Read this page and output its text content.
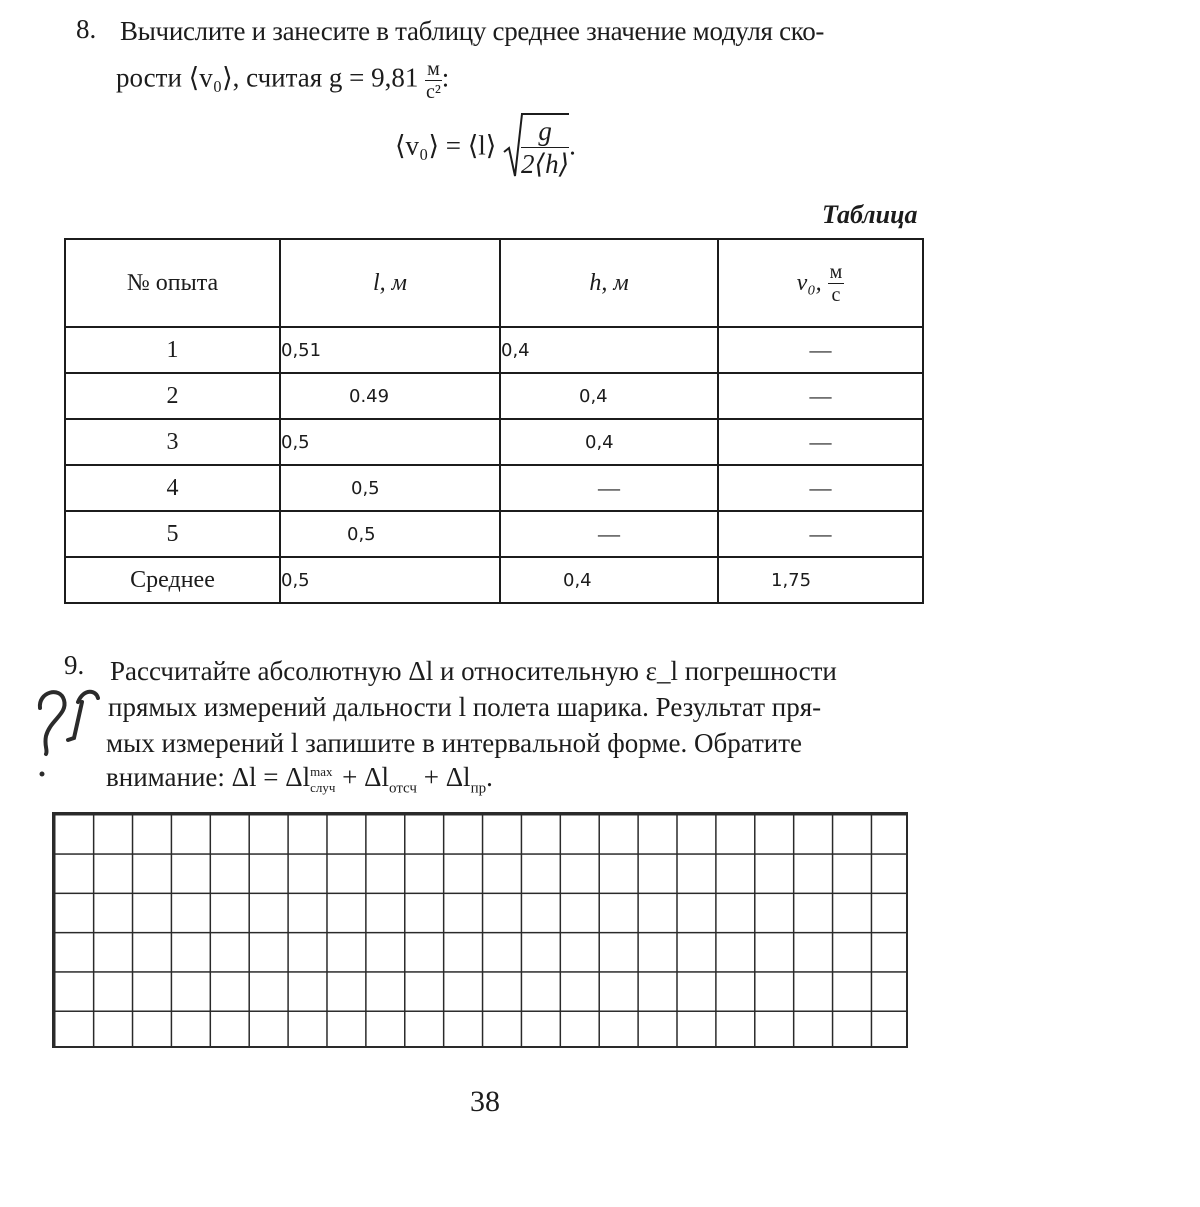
8. Вычислите и занесите в таблицу среднее значение модуля ско-
рости ⟨v₀⟩, считая $g = 9,81 \frac{м}{\text{с²}}$ :
⟨v₀⟩ = ⟨l⟩ $\frac{g}{2⟨h⟩}$ .
Таблица
№ опыта	l, м	h, м	v₀, $\frac{м}{с}$

1	0,51	0,4	—
2	0.49	0,4	—
3	0,5	0,4	—
4	0,5	—	—
5	0,5	—	—
Среднее	0,5	0,4	1,75
9. Рассчитайте абсолютную Δl и относительную ε_l погрешности
прямых измерений дальности l полета шарика. Результат пря-
мых измерений l запишите в интервальной форме. Обратите
внимание: Δl = Δl max
случ + $\Delta l_{отсч} + \Delta l_{пр}$.
38
